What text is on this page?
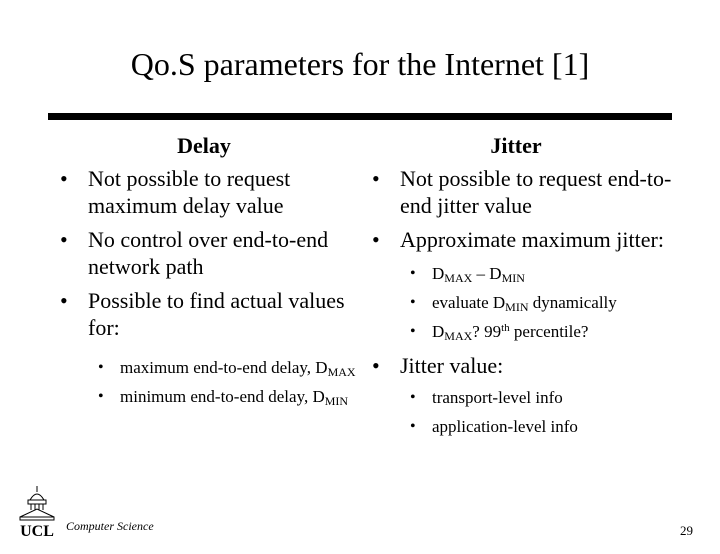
Qo.S parameters for the Internet [1]
Delay
• Not possible to request maximum delay value
• No control over end-to-end network path
• Possible to find actual values for:
• maximum end-to-end delay, $D_{MAX}$
• minimum end-to-end delay, $D_{MIN}$
Jitter
• Not possible to request end-to-end jitter value
• Approximate maximum jitter:
• $D_{MAX} - D_{MIN}$
• evaluate $D_{MIN}$ dynamically
• $D_{MAX}$? 99th percentile?
• Jitter value:
• transport-level info
• application-level info
UCL Computer Science	29
